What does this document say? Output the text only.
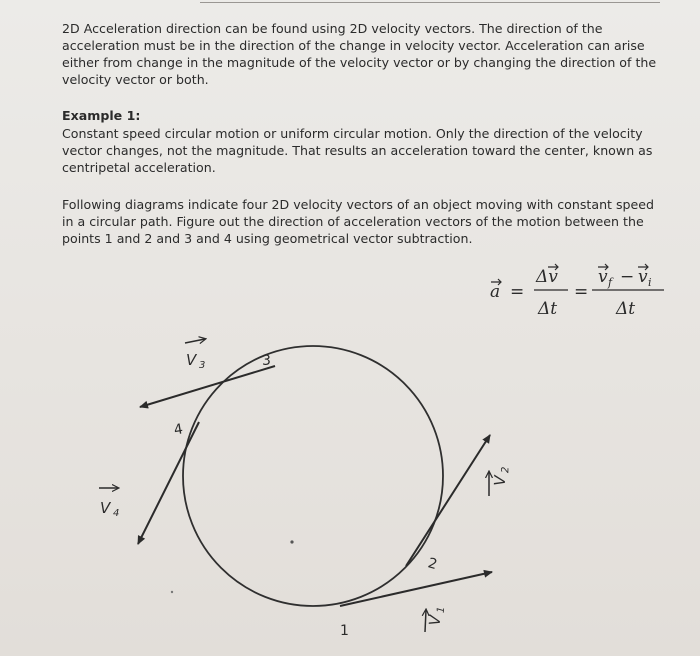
2D Acceleration direction can be found using 2D velocity vectors. The direction of the acceleration must be in the direction of the change in velocity vector. Acceleration can arise either from change in the magnitude of the velocity vector or by changing the direction of the velocity vector or both.
Example 1:
Constant speed circular motion or uniform circular motion. Only the direction of the velocity vector changes, not the magnitude. That results an acceleration toward the center, known as centripetal acceleration.
Following diagrams indicate four 2D velocity vectors of an object moving with constant speed in a circular path. Figure out the direction of acceleration vectors of the motion between the points 1 and 2 and 3 and 4 using geometrical vector subtraction.
a =
Δv
Δt
=
v f − v i
Δt
1
2
3
4
V 3
V 4
V
2
V
1
